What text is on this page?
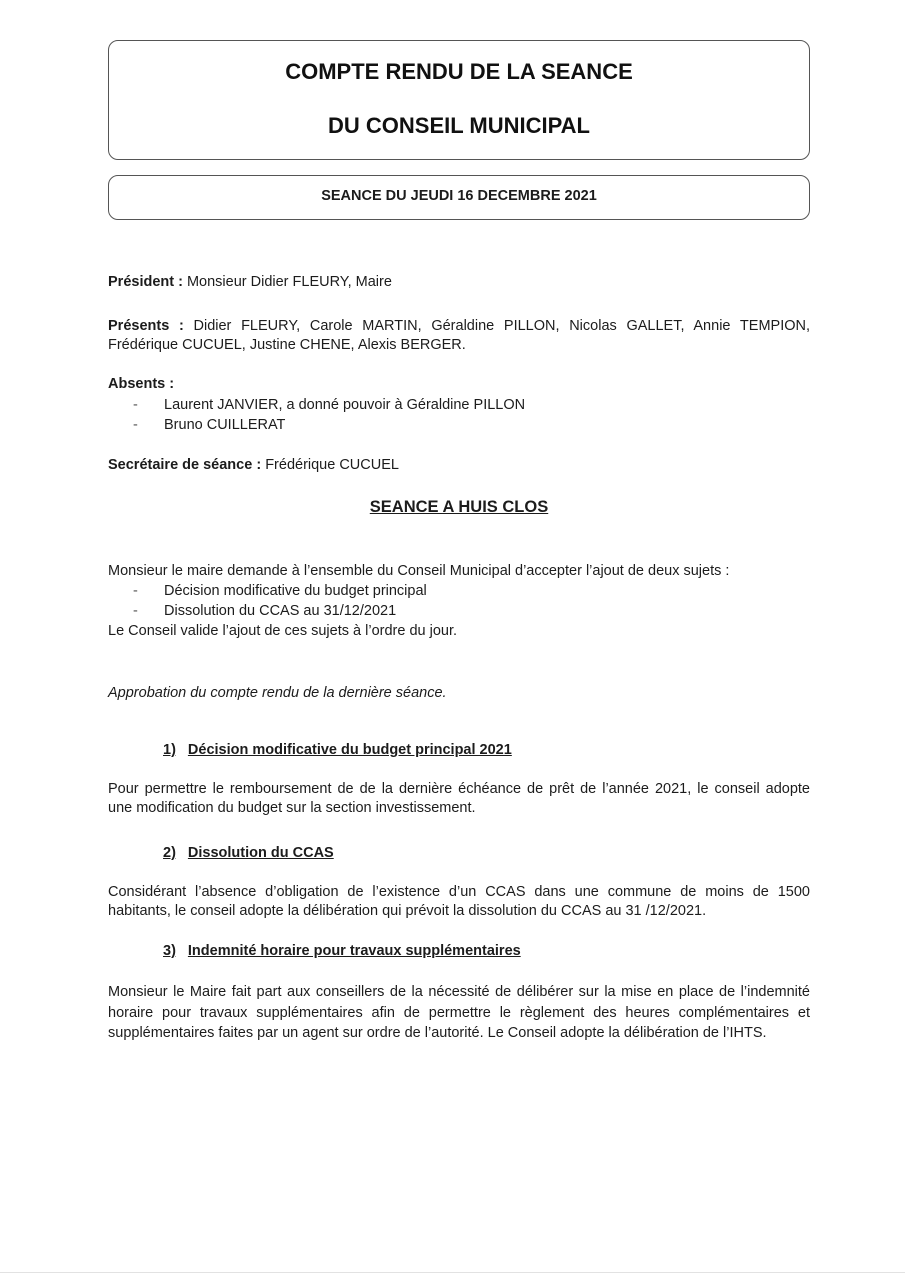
COMPTE RENDU DE LA SEANCE
DU CONSEIL MUNICIPAL
SEANCE DU JEUDI 16 DECEMBRE 2021
Président : Monsieur Didier FLEURY, Maire
Présents : Didier FLEURY, Carole MARTIN, Géraldine PILLON, Nicolas GALLET, Annie TEMPION,
Frédérique CUCUEL, Justine CHENE, Alexis BERGER.
Absents :
- Laurent JANVIER, a donné pouvoir à Géraldine PILLON
- Bruno CUILLERAT
Secrétaire de séance : Frédérique CUCUEL
SEANCE A HUIS CLOS
Monsieur le maire demande à l’ensemble du Conseil Municipal d’accepter l’ajout de deux sujets :
- Décision modificative du budget principal
- Dissolution du CCAS au 31/12/2021
Le Conseil valide l’ajout de ces sujets à l’ordre du jour.
Approbation du compte rendu de la dernière séance.
1) Décision modificative du budget principal 2021
Pour permettre le remboursement de de la dernière échéance de prêt de l’année 2021, le conseil adopte
une modification du budget sur la section investissement.
2) Dissolution du CCAS
Considérant l’absence d’obligation de l’existence d’un CCAS dans une commune de moins de 1500
habitants, le conseil adopte la délibération qui prévoit la dissolution du CCAS au 31 /12/2021.
3) Indemnité horaire pour travaux supplémentaires
Monsieur le Maire fait part aux conseillers de la nécessité de délibérer sur la mise en place de l’indemnité
horaire pour travaux supplémentaires afin de permettre le règlement des heures complémentaires et
supplémentaires faites par un agent sur ordre de l’autorité. Le Conseil adopte la délibération de l’IHTS.
